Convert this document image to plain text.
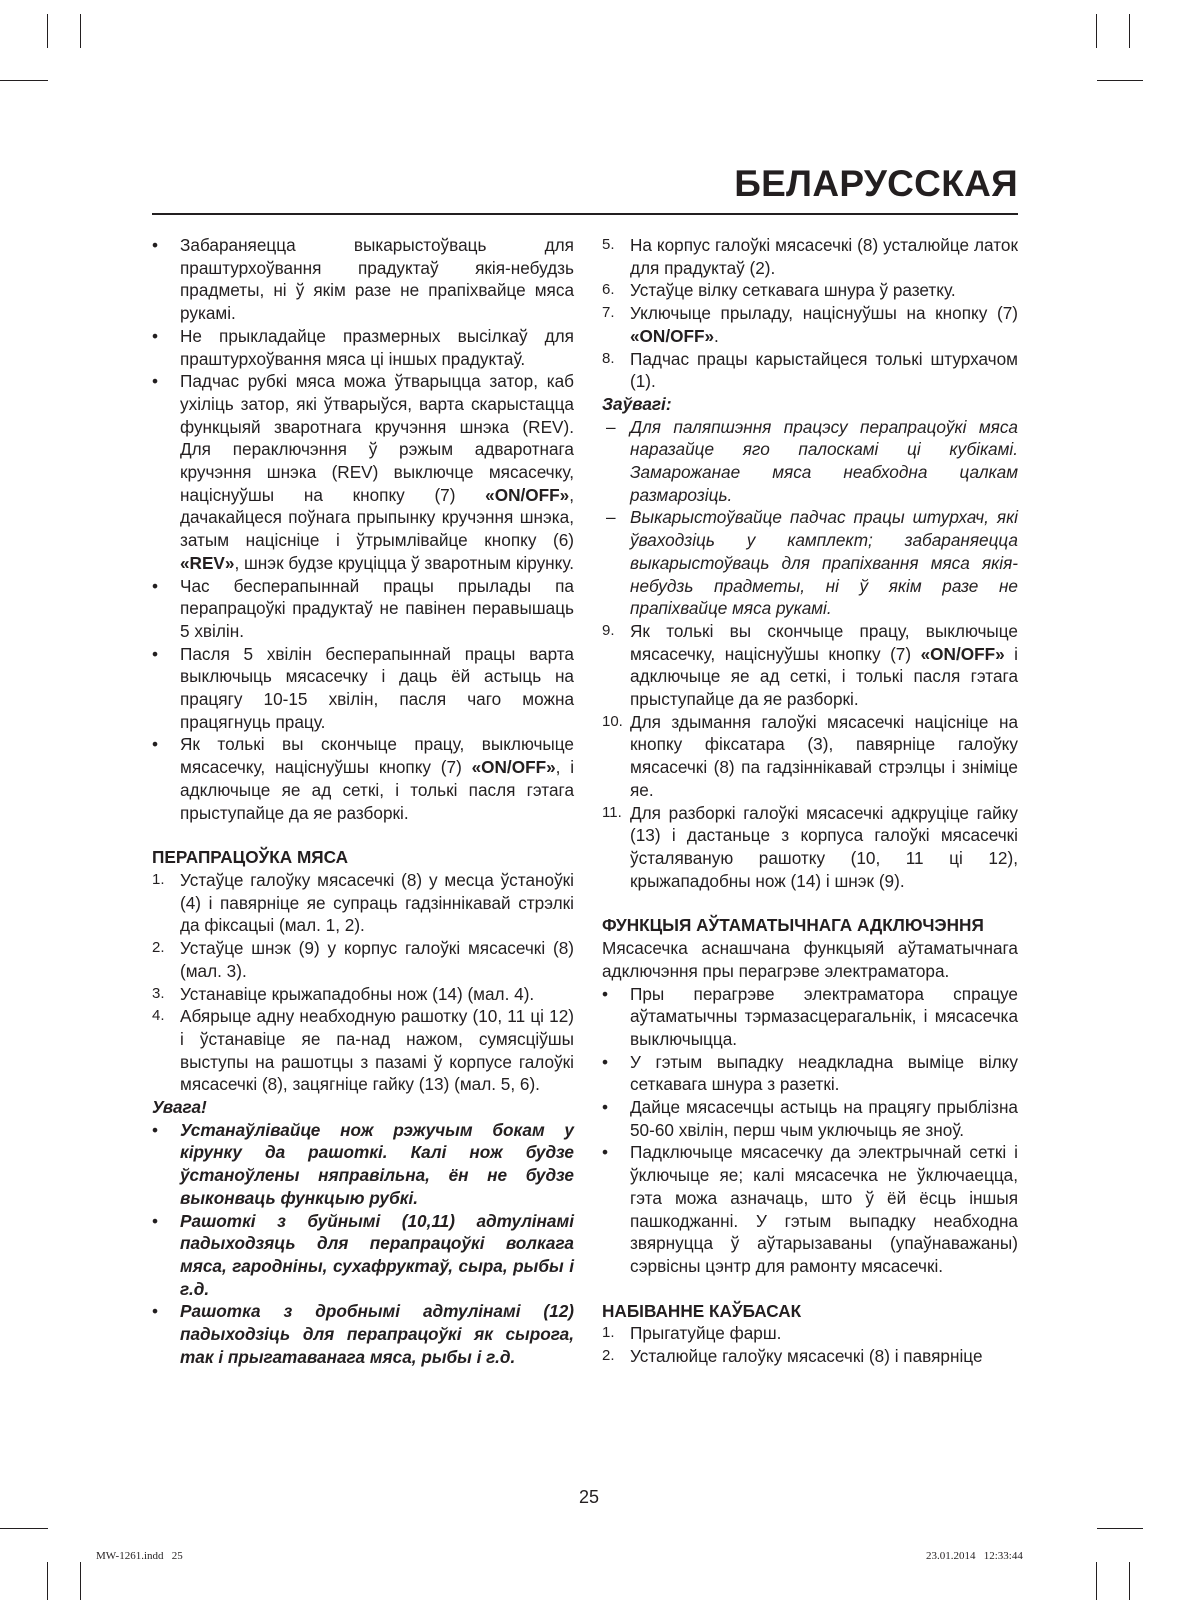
БЕЛАРУССКАЯ
• Забараняецца выкарыстоўваць для праштурхоўвання прадуктаў якія-небудзь прадметы, ні ў якім разе не прапіхвайце мяса рукамі.
• Не прыкладайце празмерных высілкаў для праштурхоўвання мяса ці іншых прадуктаў.
• Падчас рубкі мяса можа ўтварыцца затор, каб ухіліць затор, які ўтварыўся, варта скарыстацца функцыяй зваротнага кручэння шнэка (REV). Для пераключэння ў рэжым адваротнага кручэння шнэка (REV) выключце мясасечку, націснуўшы на кнопку (7) «ON/OFF», дачакайцеся поўнага прыпынку кручэння шнэка, затым націсніце і ўтрымлівайце кнопку (6) «REV», шнэк будзе круціцца ў зваротным кірунку.
• Час бесперапыннай працы прылады па перапрацоўкі прадуктаў не павінен перавышаць 5 хвілін.
• Пасля 5 хвілін бесперапыннай працы варта выключыць мясасечку і даць ёй астыць на працягу 10-15 хвілін, пасля чаго можна працягнуць працу.
• Як толькі вы скончыце працу, выключыце мясасечку, націснуўшы кнопку (7) «ON/OFF», і адключыце яе ад сеткі, і толькі пасля гэтага прыступайце да яе разборкі.
ПЕРАПРАЦОЎКА МЯСА
1. Устаўце галоўку мясасечкі (8) у месца ўстаноўкі (4) і павярніце яе супраць гадзіннікавай стрэлкі да фіксацыі (мал. 1, 2).
2. Устаўце шнэк (9) у корпус галоўкі мясасечкі (8) (мал. 3).
3. Устанавіце крыжападобны нож (14) (мал. 4).
4. Абярыце адну неабходную рашотку (10, 11 ці 12) і ўстанавіце яе па-над нажом, сумясціўшы выступы на рашотцы з пазамі ў корпусе галоўкі мясасечкі (8), зацягніце гайку (13) (мал. 5, 6).
Увага!
• Устанаўлівайце нож рэжучым бокам у кірунку да рашоткі. Калі нож будзе ўстаноўлены няправільна, ён не будзе выконваць функцыю рубкі.
• Рашоткі з буйнымі (10,11) адтулінамі падыходзяць для перапрацоўкі волкага мяса, гародніны, сухафруктаў, сыра, рыбы і г.д.
• Рашотка з дробнымі адтулінамі (12) падыходзіць для перапрацоўкі як сырога, так і прыгатаванага мяса, рыбы і г.д.
5. На корпус галоўкі мясасечкі (8) усталюйце латок для прадуктаў (2).
6. Устаўце вілку сеткавага шнура ў разетку.
7. Уключыце прыладу, націснуўшы на кнопку (7) «ON/OFF».
8. Падчас працы карыстайцеся толькі штурхачом (1).
Заўвагі:
– Для паляпшэння працэсу перапрацоўкі мяса наразайце яго палоскамі ці кубікамі. Замарожанае мяса неабходна цалкам размарозіць.
– Выкарыстоўвайце падчас працы штурхач, які ўваходзіць у камплект; забараняецца выкарыстоўваць для прапіхвання мяса якія-небудзь прадметы, ні ў якім разе не прапіхвайце мяса рукамі.
9. Як толькі вы скончыце працу, выключыце мясасечку, націснуўшы кнопку (7) «ON/OFF» і адключыце яе ад сеткі, і толькі пасля гэтага прыступайце да яе разборкі.
10. Для здымання галоўкі мясасечкі націсніце на кнопку фіксатара (3), павярніце галоўку мясасечкі (8) па гадзіннікавай стрэлцы і зніміце яе.
11. Для разборкі галоўкі мясасечкі адкруціце гайку (13) і дастаньце з корпуса галоўкі мясасечкі ўсталяваную рашотку (10, 11 ці 12), крыжападобны нож (14) і шнэк (9).
ФУНКЦЫЯ АЎТАМАТЫЧНАГА АДКЛЮЧЭННЯ
Мясасечка аснашчана функцыяй аўтаматычнага адключэння пры перагрэве электраматора.
• Пры перагрэве электраматора спрацуе аўтаматычны тэрмазасцерагальнік, і мясасечка выключыцца.
• У гэтым выпадку неадкладна выміце вілку сеткавага шнура з разеткі.
• Дайце мясасечцы астыць на працягу прыблізна 50-60 хвілін, перш чым уключыць яе зноў.
• Падключыце мясасечку да электрычнай сеткі і ўключыце яе; калі мясасечка не ўключаецца, гэта можа азначаць, што ў ёй ёсць іншыя пашкоджанні. У гэтым выпадку неабходна звярнуцца ў аўтарызаваны (упаўнаважаны) сэрвісны цэнтр для рамонту мясасечкі.
НАБІВАННЕ КАЎБАСАК
1. Прыгатуйце фарш.
2. Усталюйце галоўку мясасечкі (8) і павярніце
25
MW-1261.indd   25	23.01.2014   12:33:44
